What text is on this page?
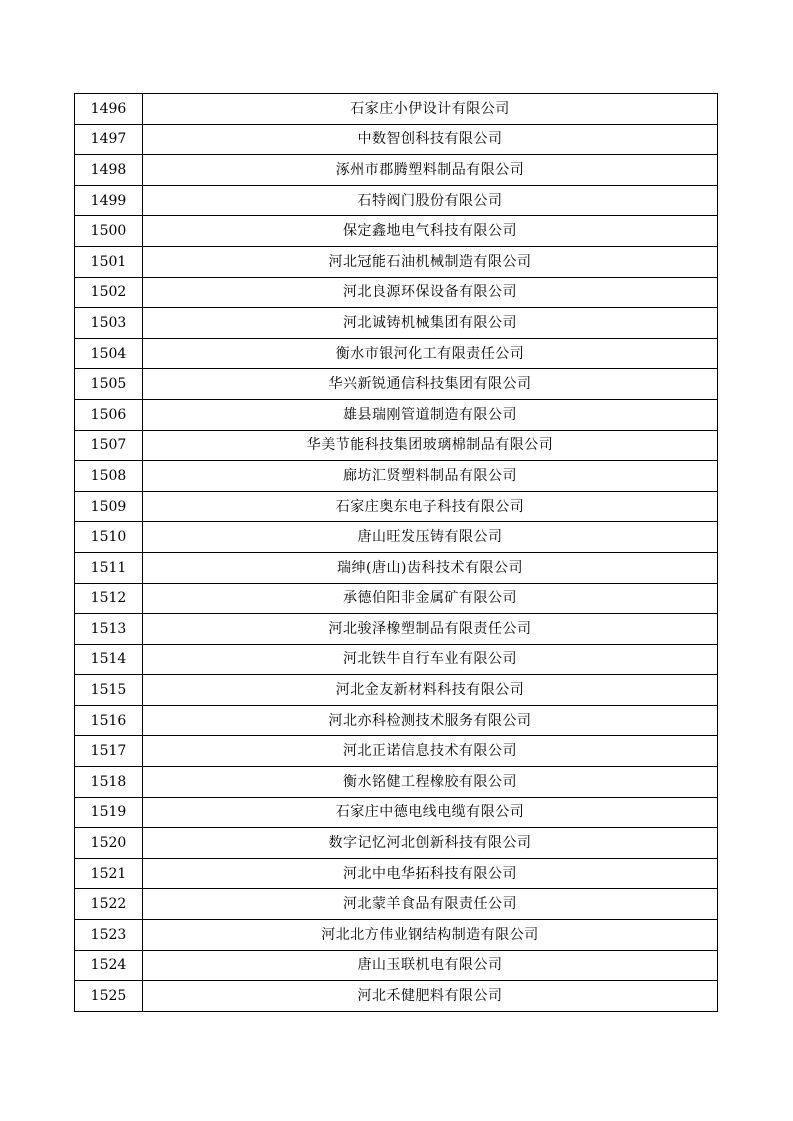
1496	石家庄小伊设计有限公司
1497	中数智创科技有限公司
1498	涿州市郡腾塑料制品有限公司
1499	石特阀门股份有限公司
1500	保定鑫地电气科技有限公司
1501	河北冠能石油机械制造有限公司
1502	河北良源环保设备有限公司
1503	河北诚铸机械集团有限公司
1504	衡水市银河化工有限责任公司
1505	华兴新锐通信科技集团有限公司
1506	雄县瑞刚管道制造有限公司
1507	华美节能科技集团玻璃棉制品有限公司
1508	廊坊汇贤塑料制品有限公司
1509	石家庄奥东电子科技有限公司
1510	唐山旺发压铸有限公司
1511	瑞绅(唐山)齿科技术有限公司
1512	承德伯阳非金属矿有限公司
1513	河北骏泽橡塑制品有限责任公司
1514	河北铁牛自行车业有限公司
1515	河北金友新材料科技有限公司
1516	河北亦科检测技术服务有限公司
1517	河北正诺信息技术有限公司
1518	衡水铭健工程橡胶有限公司
1519	石家庄中德电线电缆有限公司
1520	数字记忆河北创新科技有限公司
1521	河北中电华拓科技有限公司
1522	河北蒙羊食品有限责任公司
1523	河北北方伟业钢结构制造有限公司
1524	唐山玉联机电有限公司
1525	河北禾健肥料有限公司
